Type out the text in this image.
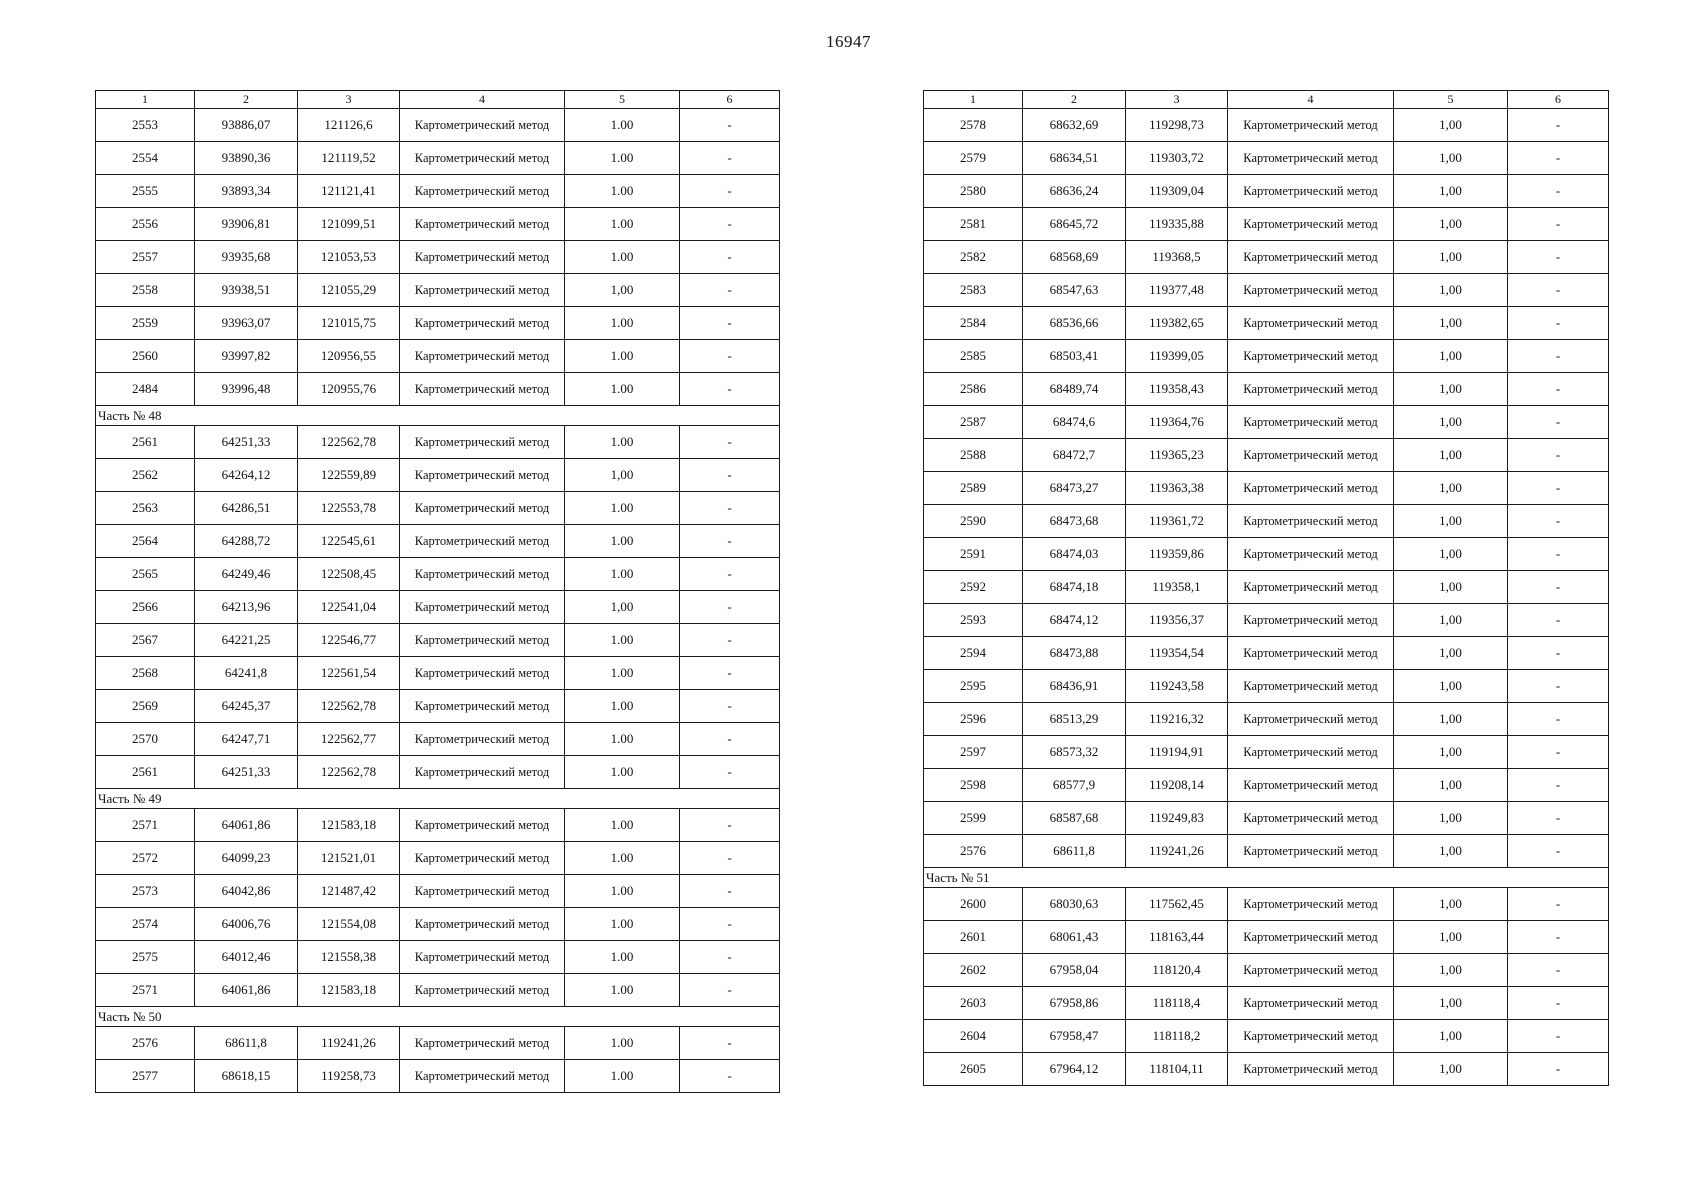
16947
1	2	3	4	5	6
2553	93886,07	121126,6	Картометрический метод	1.00	-
2554	93890,36	121119,52	Картометрический метод	1.00	-
2555	93893,34	121121,41	Картометрический метод	1.00	-
2556	93906,81	121099,51	Картометрический метод	1.00	-
2557	93935,68	121053,53	Картометрический метод	1.00	-
2558	93938,51	121055,29	Картометрический метод	1,00	-
2559	93963,07	121015,75	Картометрический метод	1.00	-
2560	93997,82	120956,55	Картометрический метод	1.00	-
2484	93996,48	120955,76	Картометрический метод	1.00	-
Часть № 48					
2561	64251,33	122562,78	Картометрический метод	1.00	-
2562	64264,12	122559,89	Картометрический метод	1,00	-
2563	64286,51	122553,78	Картометрический метод	1.00	-
2564	64288,72	122545,61	Картометрический метод	1.00	-
2565	64249,46	122508,45	Картометрический метод	1.00	-
2566	64213,96	122541,04	Картометрический метод	1,00	-
2567	64221,25	122546,77	Картометрический метод	1.00	-
2568	64241,8	122561,54	Картометрический метод	1.00	-
2569	64245,37	122562,78	Картометрический метод	1.00	-
2570	64247,71	122562,77	Картометрический метод	1.00	-
2561	64251,33	122562,78	Картометрический метод	1.00	-
Часть № 49					
2571	64061,86	121583,18	Картометрический метод	1.00	-
2572	64099,23	121521,01	Картометрический метод	1.00	-
2573	64042,86	121487,42	Картометрический метод	1.00	-
2574	64006,76	121554,08	Картометрический метод	1.00	-
2575	64012,46	121558,38	Картометрический метод	1.00	-
2571	64061,86	121583,18	Картометрический метод	1.00	-
Часть № 50					
2576	68611,8	119241,26	Картометрический метод	1.00	-
2577	68618,15	119258,73	Картометрический метод	1.00	-
1	2	3	4	5	6
2578	68632,69	119298,73	Картометрический метод	1,00	-
2579	68634,51	119303,72	Картометрический метод	1,00	-
2580	68636,24	119309,04	Картометрический метод	1,00	-
2581	68645,72	119335,88	Картометрический метод	1,00	-
2582	68568,69	119368,5	Картометрический метод	1,00	-
2583	68547,63	119377,48	Картометрический метод	1,00	-
2584	68536,66	119382,65	Картометрический метод	1,00	-
2585	68503,41	119399,05	Картометрический метод	1,00	-
2586	68489,74	119358,43	Картометрический метод	1,00	-
2587	68474,6	119364,76	Картометрический метод	1,00	-
2588	68472,7	119365,23	Картометрический метод	1,00	-
2589	68473,27	119363,38	Картометрический метод	1,00	-
2590	68473,68	119361,72	Картометрический метод	1,00	-
2591	68474,03	119359,86	Картометрический метод	1,00	-
2592	68474,18	119358,1	Картометрический метод	1,00	-
2593	68474,12	119356,37	Картометрический метод	1,00	-
2594	68473,88	119354,54	Картометрический метод	1,00	-
2595	68436,91	119243,58	Картометрический метод	1,00	-
2596	68513,29	119216,32	Картометрический метод	1,00	-
2597	68573,32	119194,91	Картометрический метод	1,00	-
2598	68577,9	119208,14	Картометрический метод	1,00	-
2599	68587,68	119249,83	Картометрический метод	1,00	-
2576	68611,8	119241,26	Картометрический метод	1,00	-
Часть № 51					
2600	68030,63	117562,45	Картометрический метод	1,00	-
2601	68061,43	118163,44	Картометрический метод	1,00	-
2602	67958,04	118120,4	Картометрический метод	1,00	-
2603	67958,86	118118,4	Картометрический метод	1,00	-
2604	67958,47	118118,2	Картометрический метод	1,00	-
2605	67964,12	118104,11	Картометрический метод	1,00	-
